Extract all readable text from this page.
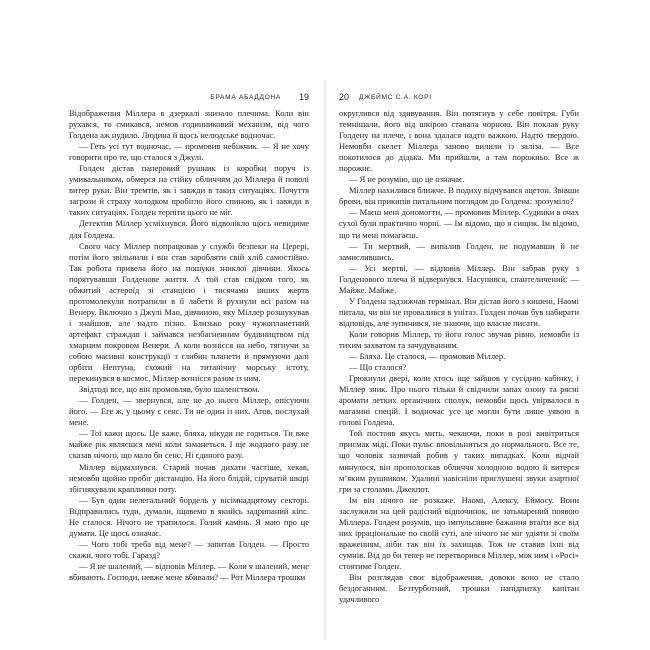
БРАМА АБАДДОНА 19

Відображення Міллера в дзеркалі знизало плечима. Коли він рухався, то смикався, немов годинниковий механізм, від чого Голдена аж нудило. Людина й щось нелюдське водночас.

— Геть усі тут водночас, — промовив небіжчик. — Я не хочу говорити про те, що сталося з Джулі.

Голден дістав паперовий рушник із коробки поруч із умивальником, обмерся на стійку обличчям до Міллера й поволі витер руки. Він тремтів, як і завжди в таких ситуаціях. Почуття загрози й страху холодком пробігло його спиною, як і завжди в таких ситуаціях. Голден терпіти цього не міг.

Детектив Міллер усміхнувся. Його відволікло щось невидиме для Голдена.

Свого часу Міллер попрацював у службі безпеки на Церері, потім його звільнили і він став заробляти свій хліб самостійно. Так робота привела його на пошуки зниклої дівчини. Якось порятувавши Голденове життя. А той став свідком того, як обжитий астероїд зі станцією і тисячами інших жертв протомолекули потрапили в її лабети й рухнули всі разом на Венеру. Включно з Джулі Мао, дівчиною, яку Міллер розшукував і знайшов, але надто пізно. Близько року чужопланетний артефакт страждав і займався незбагненним будівництвом під хмарним покровом Венери. А коли вознісся на небо, тягнучи за собою масивні конструкції з глибин планети й прямуючи далі орбіти Нептуна, схожий на титанічну морську істоту, перекинувся в космос, Міллер вознісся разом із ним.

Звідтоді все, що він промовляв, було шаленством.

— Голден, — звернувся, але не до нього Міллер, опісуючи його. — Еге ж, у цьому є сенс. Ти не один із них. Агов, послухай мене.

— Тої кажи щось. Це каже, бляха, нікуди не годиться. Ти вже майже рік являєшся мені коли заманеться. І ще жодного разу не сказав нічого, що мало би сенс. Ні єдиного разу.

Міллер відмахнувся. Старий почав дихати частіше, хекав, немовби щойно пробіг дистанцію. На його блідій, сіруватій шкірі збігнякували краплинки поту.

— Був один нелегальний бордель у вісімнадцятому секторі. Відправились туди, думали, іщавемо в якийсь задрипаний кіпс. Не сталося. Нічого не трапилося. Голий камінь. Я маю про це думати. Це щось означає.

— Чого тобі треба від мене? — запитав Голден. — Просто скажи, чого тобі. Гаразд?

— Я не шалений, — відповів Міллер. — Коли я шалений, мене вбивають. Господи, невже мене вбивали? — Рот Міллера трошки

20 ДЖЕЙМС С.А. КОРІ

округлився від здивування. Він потягнув у себе повітря. Губи темнішали, його від шкірою ставала чорною. Він поклав руку Голдену на плече, і вона здалася надто важкою. Надто твердою. Немовби скелет Міллера заново вилили із заліза. — Все покотилося до дідька. Ми прийшли, а там порожньо. Все ж порожнє.

— Я не розумію, що це означає.

Міллер нахилився ближче. В подиху відчувався ацетон. Звівши брови, він прикипів питальним поглядом до Голдена: зрозуміло?

— Маєш мені допомогти, — промовив Міллер. Судинки в очах сухої були практично чорні. — Ім відомо, що я сищик. Ім відомо, що ти мені помагаєш.

— Ти мертвий, — випалив Голден, не подумавши й не замислившись.

— Усі мертві, — відповів Міллер. Він забрав руку з Голденового плеча й відвернувся. Насупився, спантеличений: — Майже. Майже.

У Голдена задзижчав термінал. Він дістав його з кишені, Наомі питала, чи він не провалився в унітаз. Голден почав був набирати відповідь, але зупинився, не знаючи, що власне писати.

Коли говорив Міллер, то його голос звучав рівно, немовби із тихим захватом та зачудуванням.

— Бляха. Це сталося, — промовив Міллер.

— Що сталося?

Грюкнули двері, коли хтось іще зайшов у сусідню кабінку, і Міллер зник. Про нього тільки й свідчили запах озону та рясні аромати летких органічних сполук, немовби щось увірвалося в магазині спецій. І водночас усе це могли бути лише уявою в голові Голдена.

Той постояв якусь мить, чекаючи, поки в розі вивітриться присмак міді. Поки пульс вповільниться до нормального. Все те, що чоловік зазвичай робив у таких випадках. Коли відчай минулося, він прополоскав обличчя холодною водою й витерся м’яким рушником. Удалині навісніли приглушені звуки азартної гри за столами. Джекпот.

Ім він нічого не розкаже. Наомі, Алексу, Еймосу. Вони заслужили на цей радісний відпочинок, не затьмарений появою Міллера. Голден розумів, що імпульсивне бажання втаїти все від них ірраціональне по своїй суті, але нічого не міг удіяти зі своїм враженням, ніби так він їх захищав. Тож не ставив їхні від сумнів. Від до би тепер не перетворився Міллер, між ним і «Росі» стоятиме Голден.

Він розглядав своє відображення, довоки воно не стало бездоганним. Безтурботний, трошки напідпитку капітан удачливого
